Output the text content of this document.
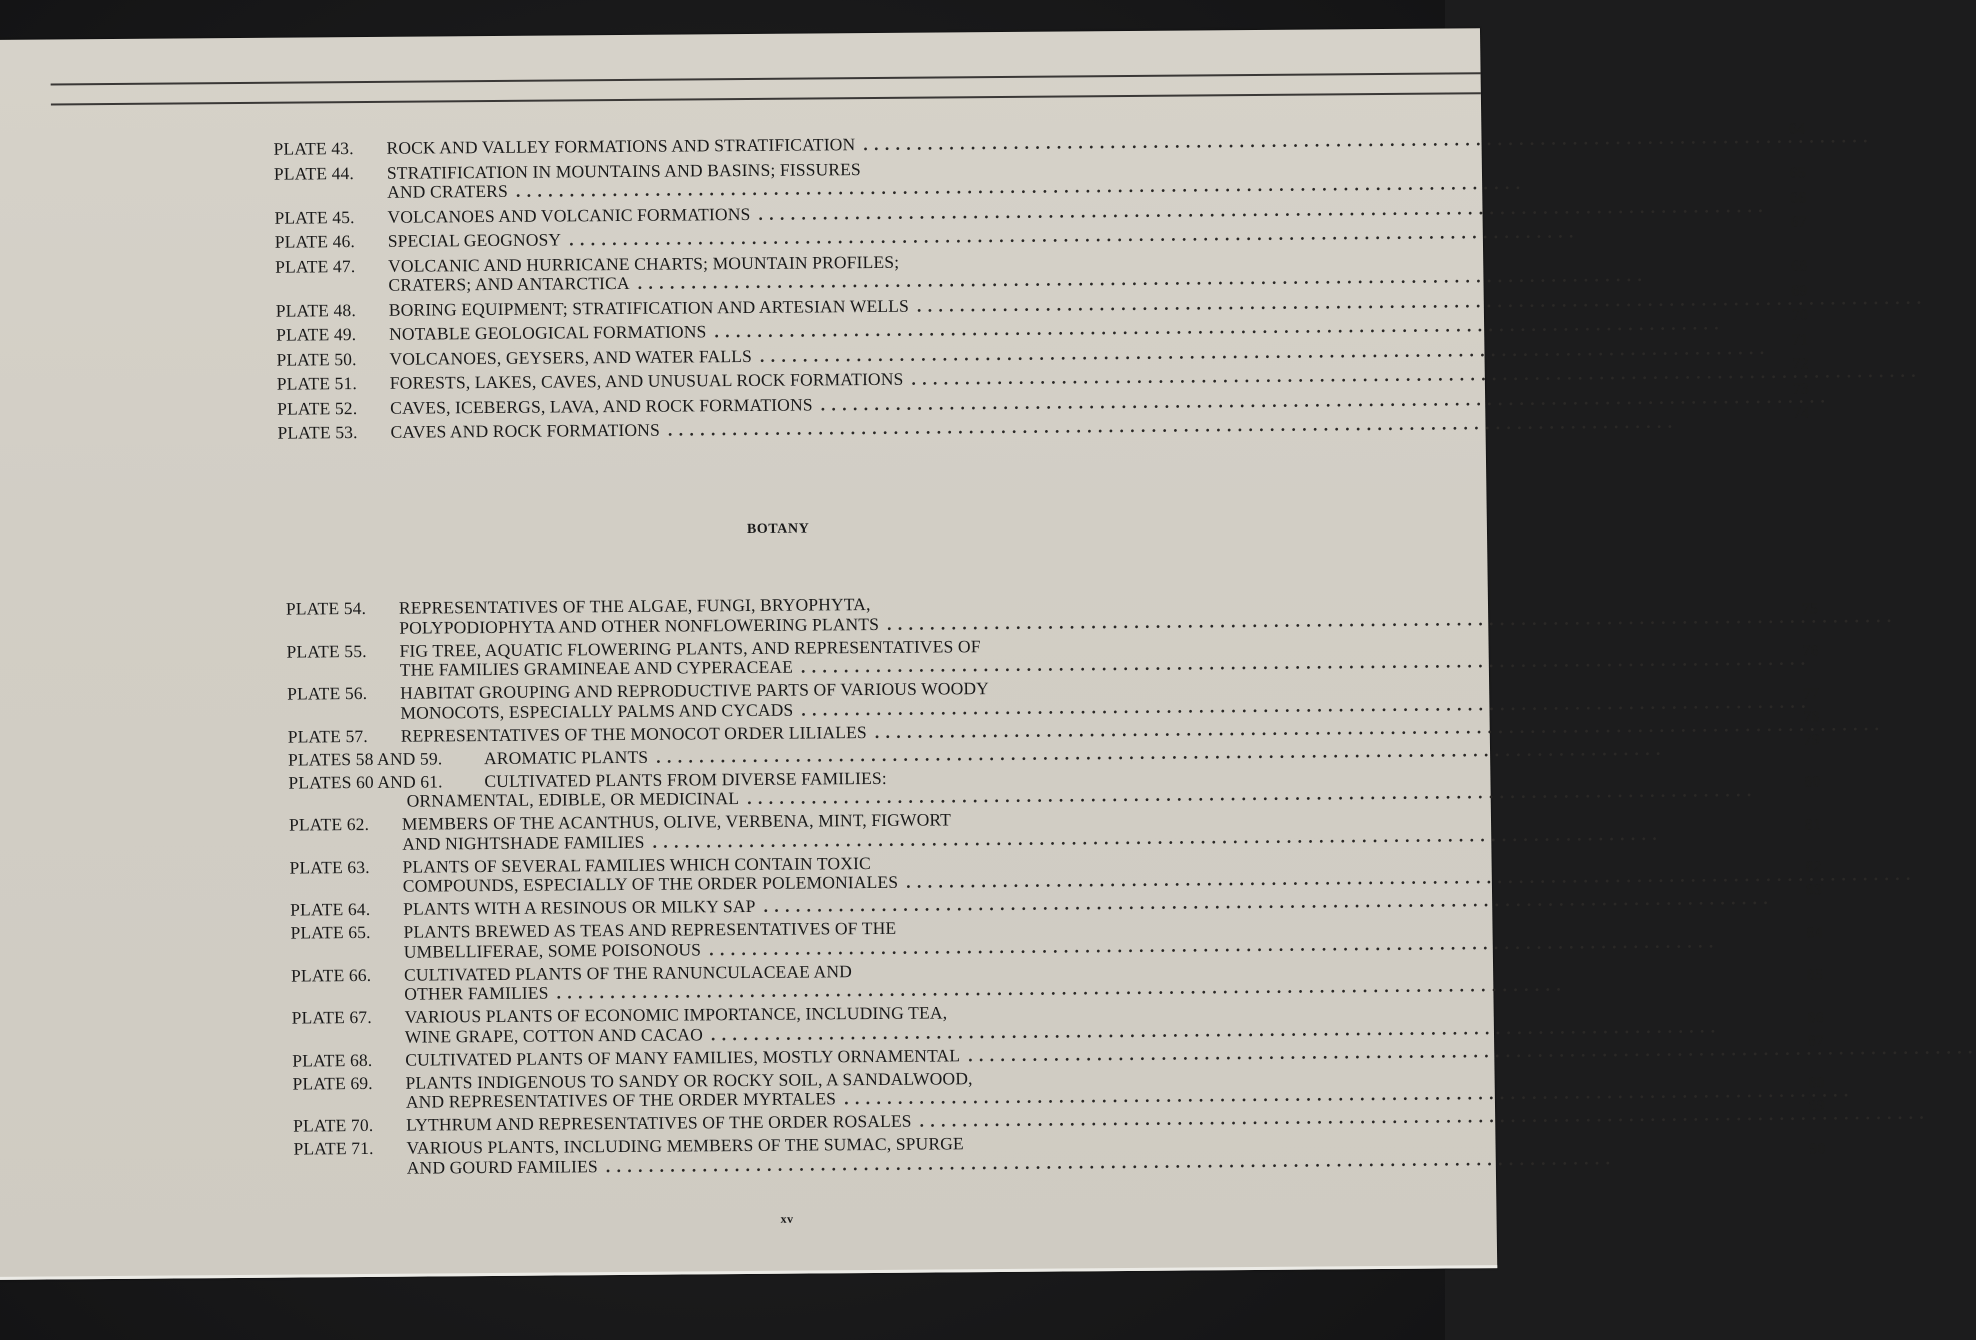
PLATE 43. ROCK AND VALLEY FORMATIONS AND STRATIFICATION
. . .
64
PLATE 44. STRATIFICATION IN MOUNTAINS AND BASINS; FISSURES
AND CRATERS
. . .
65
PLATE 45. VOLCANOES AND VOLCANIC FORMATIONS
. . .
66
PLATE 46. SPECIAL GEOGNOSY
. . .
67
PLATE 47. VOLCANIC AND HURRICANE CHARTS; MOUNTAIN PROFILES;
CRATERS; AND ANTARCTICA
. . .
68
PLATE 48. BORING EQUIPMENT; STRATIFICATION AND ARTESIAN WELLS
. . .
69
PLATE 49. NOTABLE GEOLOGICAL FORMATIONS
. . .
70
PLATE 50. VOLCANOES, GEYSERS, AND WATER FALLS
. . .
71
PLATE 51. FORESTS, LAKES, CAVES, AND UNUSUAL ROCK FORMATIONS
. . .
72
PLATE 52. CAVES, ICEBERGS, LAVA, AND ROCK FORMATIONS
. . .
73
PLATE 53. CAVES AND ROCK FORMATIONS
. . .
74
BOTANY
PLATE 54. REPRESENTATIVES OF THE ALGAE, FUNGI, BRYOPHYTA,
POLYPODIOPHYTA AND OTHER NONFLOWERING PLANTS
. . .
75
PLATE 55. FIG TREE, AQUATIC FLOWERING PLANTS, AND REPRESENTATIVES OF
THE FAMILIES GRAMINEAE AND CYPERACEAE
. . .
76
PLATE 56. HABITAT GROUPING AND REPRODUCTIVE PARTS OF VARIOUS WOODY
MONOCOTS, ESPECIALLY PALMS AND CYCADS
. . .
77
PLATE 57. REPRESENTATIVES OF THE MONOCOT ORDER LILIALES
. . .
78
PLATES 58 AND 59. AROMATIC PLANTS
. . .
79
PLATES 60 AND 61. CULTIVATED PLANTS FROM DIVERSE FAMILIES:
ORNAMENTAL, EDIBLE, OR MEDICINAL
. . .
80
PLATE 62. MEMBERS OF THE ACANTHUS, OLIVE, VERBENA, MINT, FIGWORT
AND NIGHTSHADE FAMILIES
. . .
81
PLATE 63. PLANTS OF SEVERAL FAMILIES WHICH CONTAIN TOXIC
COMPOUNDS, ESPECIALLY OF THE ORDER POLEMONIALES
. . .
82
PLATE 64. PLANTS WITH A RESINOUS OR MILKY SAP
. . .
83
PLATE 65. PLANTS BREWED AS TEAS AND REPRESENTATIVES OF THE
UMBELLIFERAE, SOME POISONOUS
. . .
84
PLATE 66. CULTIVATED PLANTS OF THE RANUNCULACEAE AND
OTHER FAMILIES
. . .
85
PLATE 67. VARIOUS PLANTS OF ECONOMIC IMPORTANCE, INCLUDING TEA,
WINE GRAPE, COTTON AND CACAO
. . .
86
PLATE 68. CULTIVATED PLANTS OF MANY FAMILIES, MOSTLY ORNAMENTAL
. . .
87
PLATE 69. PLANTS INDIGENOUS TO SANDY OR ROCKY SOIL, A SANDALWOOD,
AND REPRESENTATIVES OF THE ORDER MYRTALES
. . .
88
PLATE 70. LYTHRUM AND REPRESENTATIVES OF THE ORDER ROSALES
. . .
89
PLATE 71. VARIOUS PLANTS, INCLUDING MEMBERS OF THE SUMAC, SPURGE
AND GOURD FAMILIES
. . .
90
xv
